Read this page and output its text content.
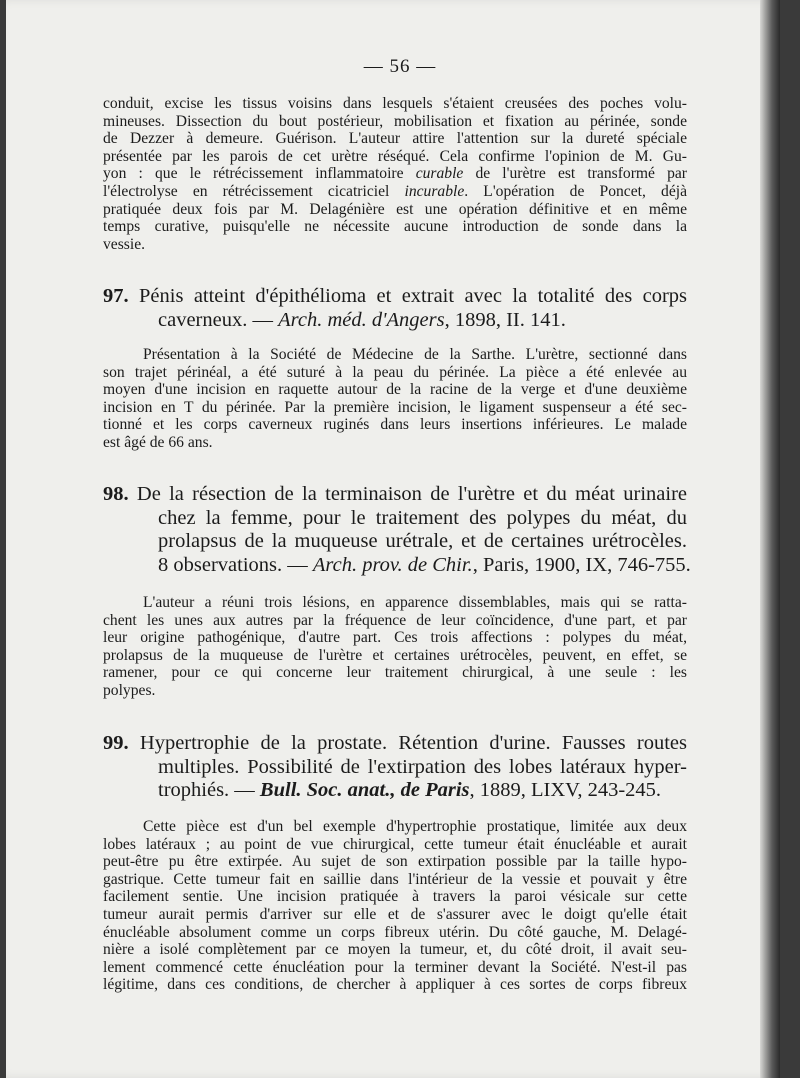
— 56 —
conduit, excise les tissus voisins dans lesquels s'étaient creusées des poches volu-
mineuses. Dissection du bout postérieur, mobilisation et fixation au périnée, sonde
de Dezzer à demeure. Guérison. L'auteur attire l'attention sur la dureté spéciale
présentée par les parois de cet urètre réséqué. Cela confirme l'opinion de M. Gu-
yon : que le rétrécissement inflammatoire curable de l'urètre est transformé par
l'électrolyse en rétrécissement cicatriciel incurable. L'opération de Poncet, déjà
pratiquée deux fois par M. Delagénière est une opération définitive et en même
temps curative, puisqu'elle ne nécessite aucune introduction de sonde dans la
vessie.
97. Pénis atteint d'épithélioma et extrait avec la totalité des corps
caverneux. — Arch. méd. d'Angers, 1898, II. 141.
Présentation à la Société de Médecine de la Sarthe. L'urètre, sectionné dans
son trajet périnéal, a été suturé à la peau du périnée. La pièce a été enlevée au
moyen d'une incision en raquette autour de la racine de la verge et d'une deuxième
incision en T du périnée. Par la première incision, le ligament suspenseur a été sec-
tionné et les corps caverneux ruginés dans leurs insertions inférieures. Le malade
est âgé de 66 ans.
98. De la résection de la terminaison de l'urètre et du méat urinaire
chez la femme, pour le traitement des polypes du méat, du
prolapsus de la muqueuse urétrale, et de certaines urétrocèles.
8 observations. — Arch. prov. de Chir., Paris, 1900, IX, 746-755.
L'auteur a réuni trois lésions, en apparence dissemblables, mais qui se ratta-
chent les unes aux autres par la fréquence de leur coïncidence, d'une part, et par
leur origine pathogénique, d'autre part. Ces trois affections : polypes du méat,
prolapsus de la muqueuse de l'urètre et certaines urétrocèles, peuvent, en effet, se
ramener, pour ce qui concerne leur traitement chirurgical, à une seule : les
polypes.
99. Hypertrophie de la prostate. Rétention d'urine. Fausses routes
multiples. Possibilité de l'extirpation des lobes latéraux hyper-
trophiés. — Bull. Soc. anat., de Paris, 1889, LIXV, 243-245.
Cette pièce est d'un bel exemple d'hypertrophie prostatique, limitée aux deux
lobes latéraux ; au point de vue chirurgical, cette tumeur était énucléable et aurait
peut-être pu être extirpée. Au sujet de son extirpation possible par la taille hypo-
gastrique. Cette tumeur fait en saillie dans l'intérieur de la vessie et pouvait y être
facilement sentie. Une incision pratiquée à travers la paroi vésicale sur cette
tumeur aurait permis d'arriver sur elle et de s'assurer avec le doigt qu'elle était
énucléable absolument comme un corps fibreux utérin. Du côté gauche, M. Delagé-
nière a isolé complètement par ce moyen la tumeur, et, du côté droit, il avait seu-
lement commencé cette énucléation pour la terminer devant la Société. N'est-il pas
légitime, dans ces conditions, de chercher à appliquer à ces sortes de corps fibreux
